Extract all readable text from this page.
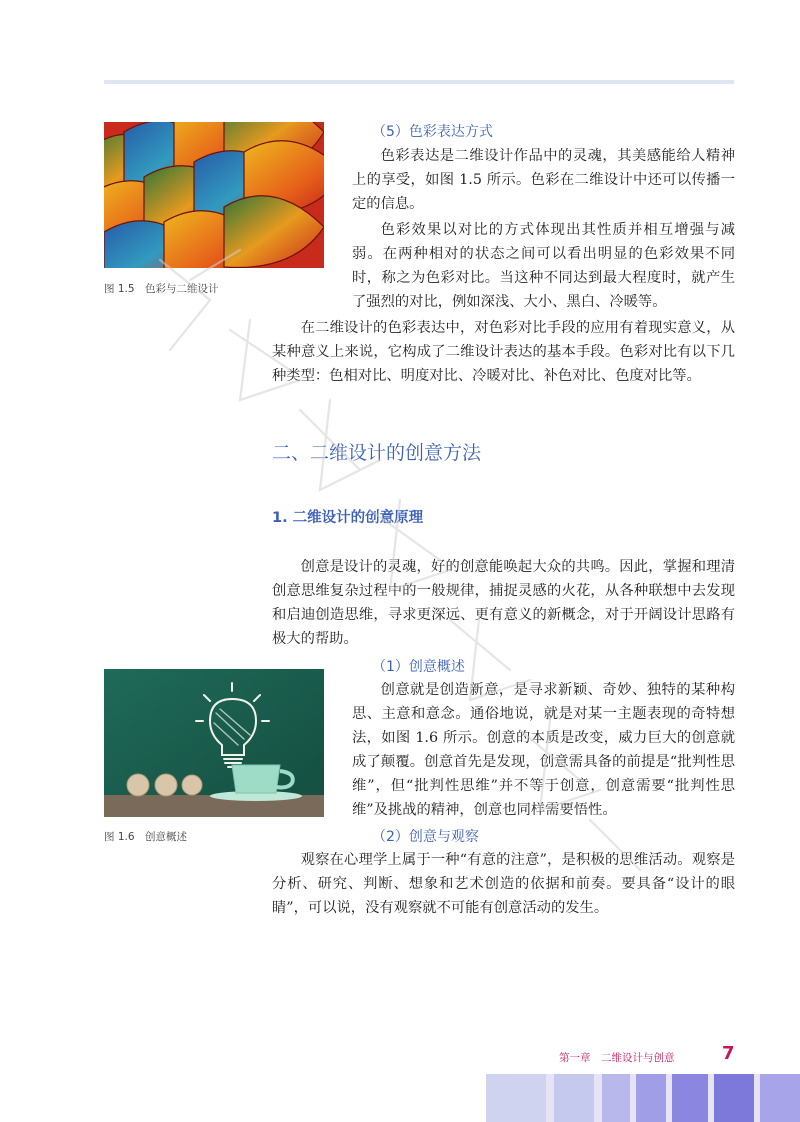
图 1.5　色彩与二维设计
（5）色彩表达方式

色彩表达是二维设计作品中的灵魂，其美感能给人精神上的享受，如图 1.5 所示。色彩在二维设计中还可以传播一定的信息。

色彩效果以对比的方式体现出其性质并相互增强与减弱。在两种相对的状态之间可以看出明显的色彩效果不同时，称之为色彩对比。当这种不同达到最大程度时，就产生了强烈的对比，例如深浅、大小、黑白、冷暖等。

在二维设计的色彩表达中，对色彩对比手段的应用有着现实意义，从某种意义上来说，它构成了二维设计表达的基本手段。色彩对比有以下几种类型：色相对比、明度对比、冷暖对比、补色对比、色度对比等。

二、二维设计的创意方法
1. 二维设计的创意原理

创意是设计的灵魂，好的创意能唤起大众的共鸣。因此，掌握和理清创意思维复杂过程中的一般规律，捕捉灵感的火花，从各种联想中去发现和启迪创造思维，寻求更深远、更有意义的新概念，对于开阔设计思路有极大的帮助。

图 1.6　创意概述
（1）创意概述

创意就是创造新意，是寻求新颖、奇妙、独特的某种构思、主意和意念。通俗地说，就是对某一主题表现的奇特想法，如图 1.6 所示。创意的本质是改变，威力巨大的创意就成了颠覆。创意首先是发现，创意需具备的前提是“批判性思维”，但“批判性思维”并不等于创意，创意需要“批判性思维”及挑战的精神，创意也同样需要悟性。

（2）创意与观察

观察在心理学上属于一种“有意的注意”，是积极的思维活动。观察是分析、研究、判断、想象和艺术创造的依据和前奏。要具备“设计的眼睛”，可以说，没有观察就不可能有创意活动的发生。

第一章　二维设计与创意	7
